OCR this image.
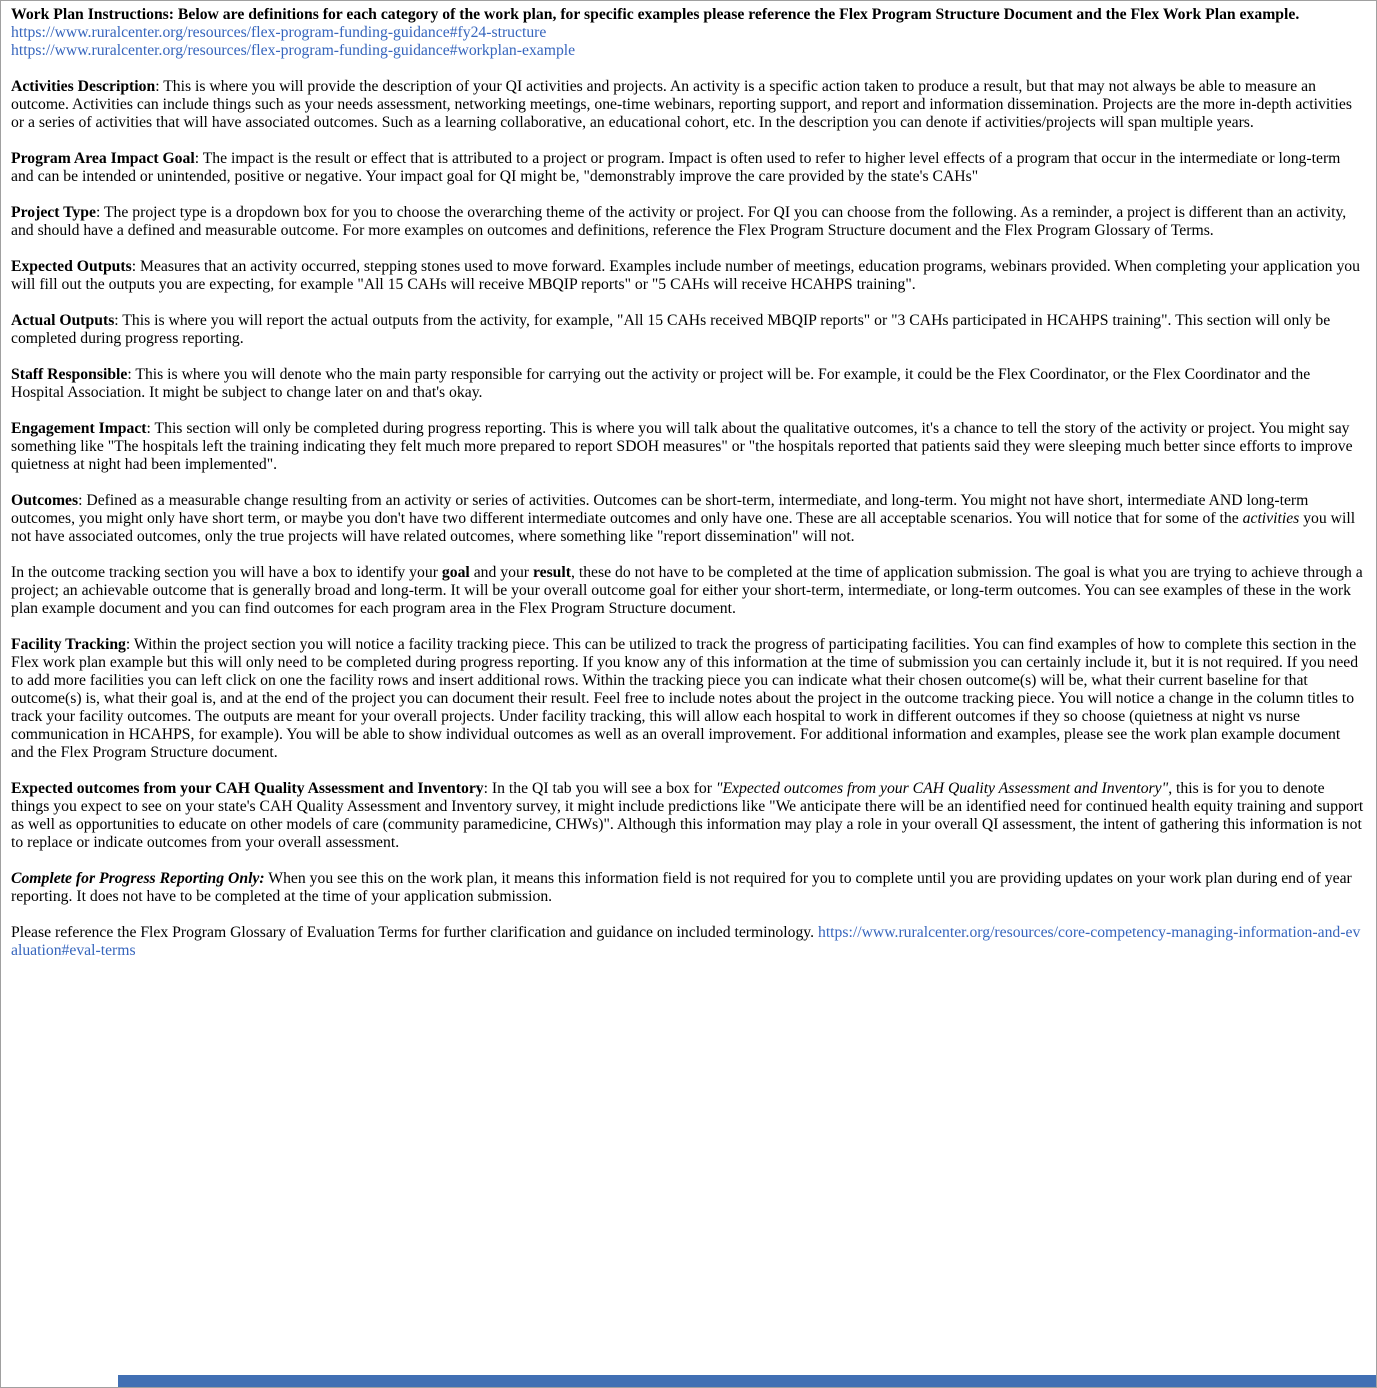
Work Plan Instructions: Below are definitions for each category of the work plan, for specific examples please reference the Flex Program Structure Document and the Flex Work Plan example.

https://www.ruralcenter.org/resources/flex-program-funding-guidance#fy24-structure

https://www.ruralcenter.org/resources/flex-program-funding-guidance#workplan-example

Activities Description: This is where you will provide the description of your QI activities and projects. An activity is a specific action taken to produce a result, but that may not always be able to measure an outcome. Activities can include things such as your needs assessment, networking meetings, one-time webinars, reporting support, and report and information dissemination. Projects are the more in-depth activities or a series of activities that will have associated outcomes. Such as a learning collaborative, an educational cohort, etc. In the description you can denote if activities/projects will span multiple years.

Program Area Impact Goal: The impact is the result or effect that is attributed to a project or program. Impact is often used to refer to higher level effects of a program that occur in the intermediate or long-term and can be intended or unintended, positive or negative. Your impact goal for QI might be, "demonstrably improve the care provided by the state's CAHs"

Project Type: The project type is a dropdown box for you to choose the overarching theme of the activity or project. For QI you can choose from the following. As a reminder, a project is different than an activity, and should have a defined and measurable outcome. For more examples on outcomes and definitions, reference the Flex Program Structure document and the Flex Program Glossary of Terms.

Expected Outputs: Measures that an activity occurred, stepping stones used to move forward. Examples include number of meetings, education programs, webinars provided. When completing your application you will fill out the outputs you are expecting, for example "All 15 CAHs will receive MBQIP reports" or "5 CAHs will receive HCAHPS training".

Actual Outputs: This is where you will report the actual outputs from the activity, for example, "All 15 CAHs received MBQIP reports" or "3 CAHs participated in HCAHPS training". This section will only be completed during progress reporting.

Staff Responsible: This is where you will denote who the main party responsible for carrying out the activity or project will be. For example, it could be the Flex Coordinator, or the Flex Coordinator and the Hospital Association. It might be subject to change later on and that's okay.

Engagement Impact: This section will only be completed during progress reporting. This is where you will talk about the qualitative outcomes, it's a chance to tell the story of the activity or project. You might say something like "The hospitals left the training indicating they felt much more prepared to report SDOH measures" or "the hospitals reported that patients said they were sleeping much better since efforts to improve quietness at night had been implemented".

Outcomes: Defined as a measurable change resulting from an activity or series of activities. Outcomes can be short-term, intermediate, and long-term. You might not have short, intermediate AND long-term outcomes, you might only have short term, or maybe you don't have two different intermediate outcomes and only have one. These are all acceptable scenarios. You will notice that for some of the activities you will not have associated outcomes, only the true projects will have related outcomes, where something like "report dissemination" will not.

In the outcome tracking section you will have a box to identify your goal and your result, these do not have to be completed at the time of application submission. The goal is what you are trying to achieve through a project; an achievable outcome that is generally broad and long-term. It will be your overall outcome goal for either your short-term, intermediate, or long-term outcomes. You can see examples of these in the work plan example document and you can find outcomes for each program area in the Flex Program Structure document.

Facility Tracking: Within the project section you will notice a facility tracking piece. This can be utilized to track the progress of participating facilities. You can find examples of how to complete this section in the Flex work plan example but this will only need to be completed during progress reporting. If you know any of this information at the time of submission you can certainly include it, but it is not required. If you need to add more facilities you can left click on one the facility rows and insert additional rows. Within the tracking piece you can indicate what their chosen outcome(s) will be, what their current baseline for that outcome(s) is, what their goal is, and at the end of the project you can document their result. Feel free to include notes about the project in the outcome tracking piece. You will notice a change in the column titles to track your facility outcomes. The outputs are meant for your overall projects. Under facility tracking, this will allow each hospital to work in different outcomes if they so choose (quietness at night vs nurse communication in HCAHPS, for example). You will be able to show individual outcomes as well as an overall improvement. For additional information and examples, please see the work plan example document and the Flex Program Structure document.

Expected outcomes from your CAH Quality Assessment and Inventory: In the QI tab you will see a box for "Expected outcomes from your CAH Quality Assessment and Inventory", this is for you to denote things you expect to see on your state's CAH Quality Assessment and Inventory survey, it might include predictions like "We anticipate there will be an identified need for continued health equity training and support as well as opportunities to educate on other models of care (community paramedicine, CHWs)". Although this information may play a role in your overall QI assessment, the intent of gathering this information is not to replace or indicate outcomes from your overall assessment.

Complete for Progress Reporting Only: When you see this on the work plan, it means this information field is not required for you to complete until you are providing updates on your work plan during end of year reporting. It does not have to be completed at the time of your application submission.

Please reference the Flex Program Glossary of Evaluation Terms for further clarification and guidance on included terminology. https://www.ruralcenter.org/resources/core-competency-managing-information-and-evaluation#eval-terms
